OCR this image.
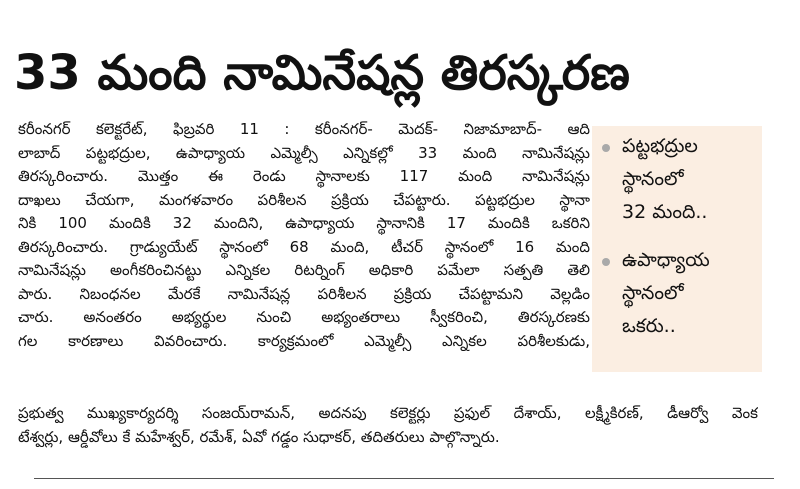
33 మంది నామినేషన్ల తిరస్కరణ
కరీంనగర్ కలెక్టరేట్, ఫిబ్రవరి 11 : కరీంనగర్- మెదక్- నిజామాబాద్- ఆది
లాబాద్ పట్టభద్రుల, ఉపాధ్యాయ ఎమ్మెల్సీ ఎన్నికల్లో 33 మంది నామినేషన్లు
తిరస్కరించారు. మొత్తం ఈ రెండు స్థానాలకు 117 మంది నామినేషన్లు
దాఖలు చేయగా, మంగళవారం పరిశీలన ప్రక్రియ చేపట్టారు. పట్టభద్రుల స్థానా
నికి 100 మందికి 32 మందిని, ఉపాధ్యాయ స్థానానికి 17 మందికి ఒకరిని
తిరస్కరించారు. గ్రాడ్యుయేట్ స్థానంలో 68 మంది, టీచర్ స్థానంలో 16 మంది
నామినేషన్లు అంగీకరించినట్టు ఎన్నికల రిటర్నింగ్ అధికారి పమేలా సత్పతి తెలి
పారు. నిబంధనల మేరకే నామినేషన్ల పరిశీలన ప్రక్రియ చేపట్టామని వెల్లడిం
చారు. అనంతరం అభ్యర్థుల నుంచి అభ్యంతరాలు స్వీకరించి, తిరస్కరణకు
గల కారణాలు వివరించారు. కార్యక్రమంలో ఎమ్మెల్సీ ఎన్నికల పరిశీలకుడు,
ప్రభుత్వ ముఖ్యకార్యదర్శి సంజయ్‌రామన్, అదనపు కలెక్టర్లు ప్రఫుల్ దేశాయ్, లక్ష్మీకిరణ్, డీఆర్వో వెంక
టేశ్వర్లు, ఆర్డీవోలు కే మహేశ్వర్, రమేశ్, ఏవో గడ్డం సుధాకర్, తదితరులు పాల్గొన్నారు.
పట్టభద్రుల
స్థానంలో
32 మంది..
ఉపాధ్యాయ
స్థానంలో
ఒకరు..
